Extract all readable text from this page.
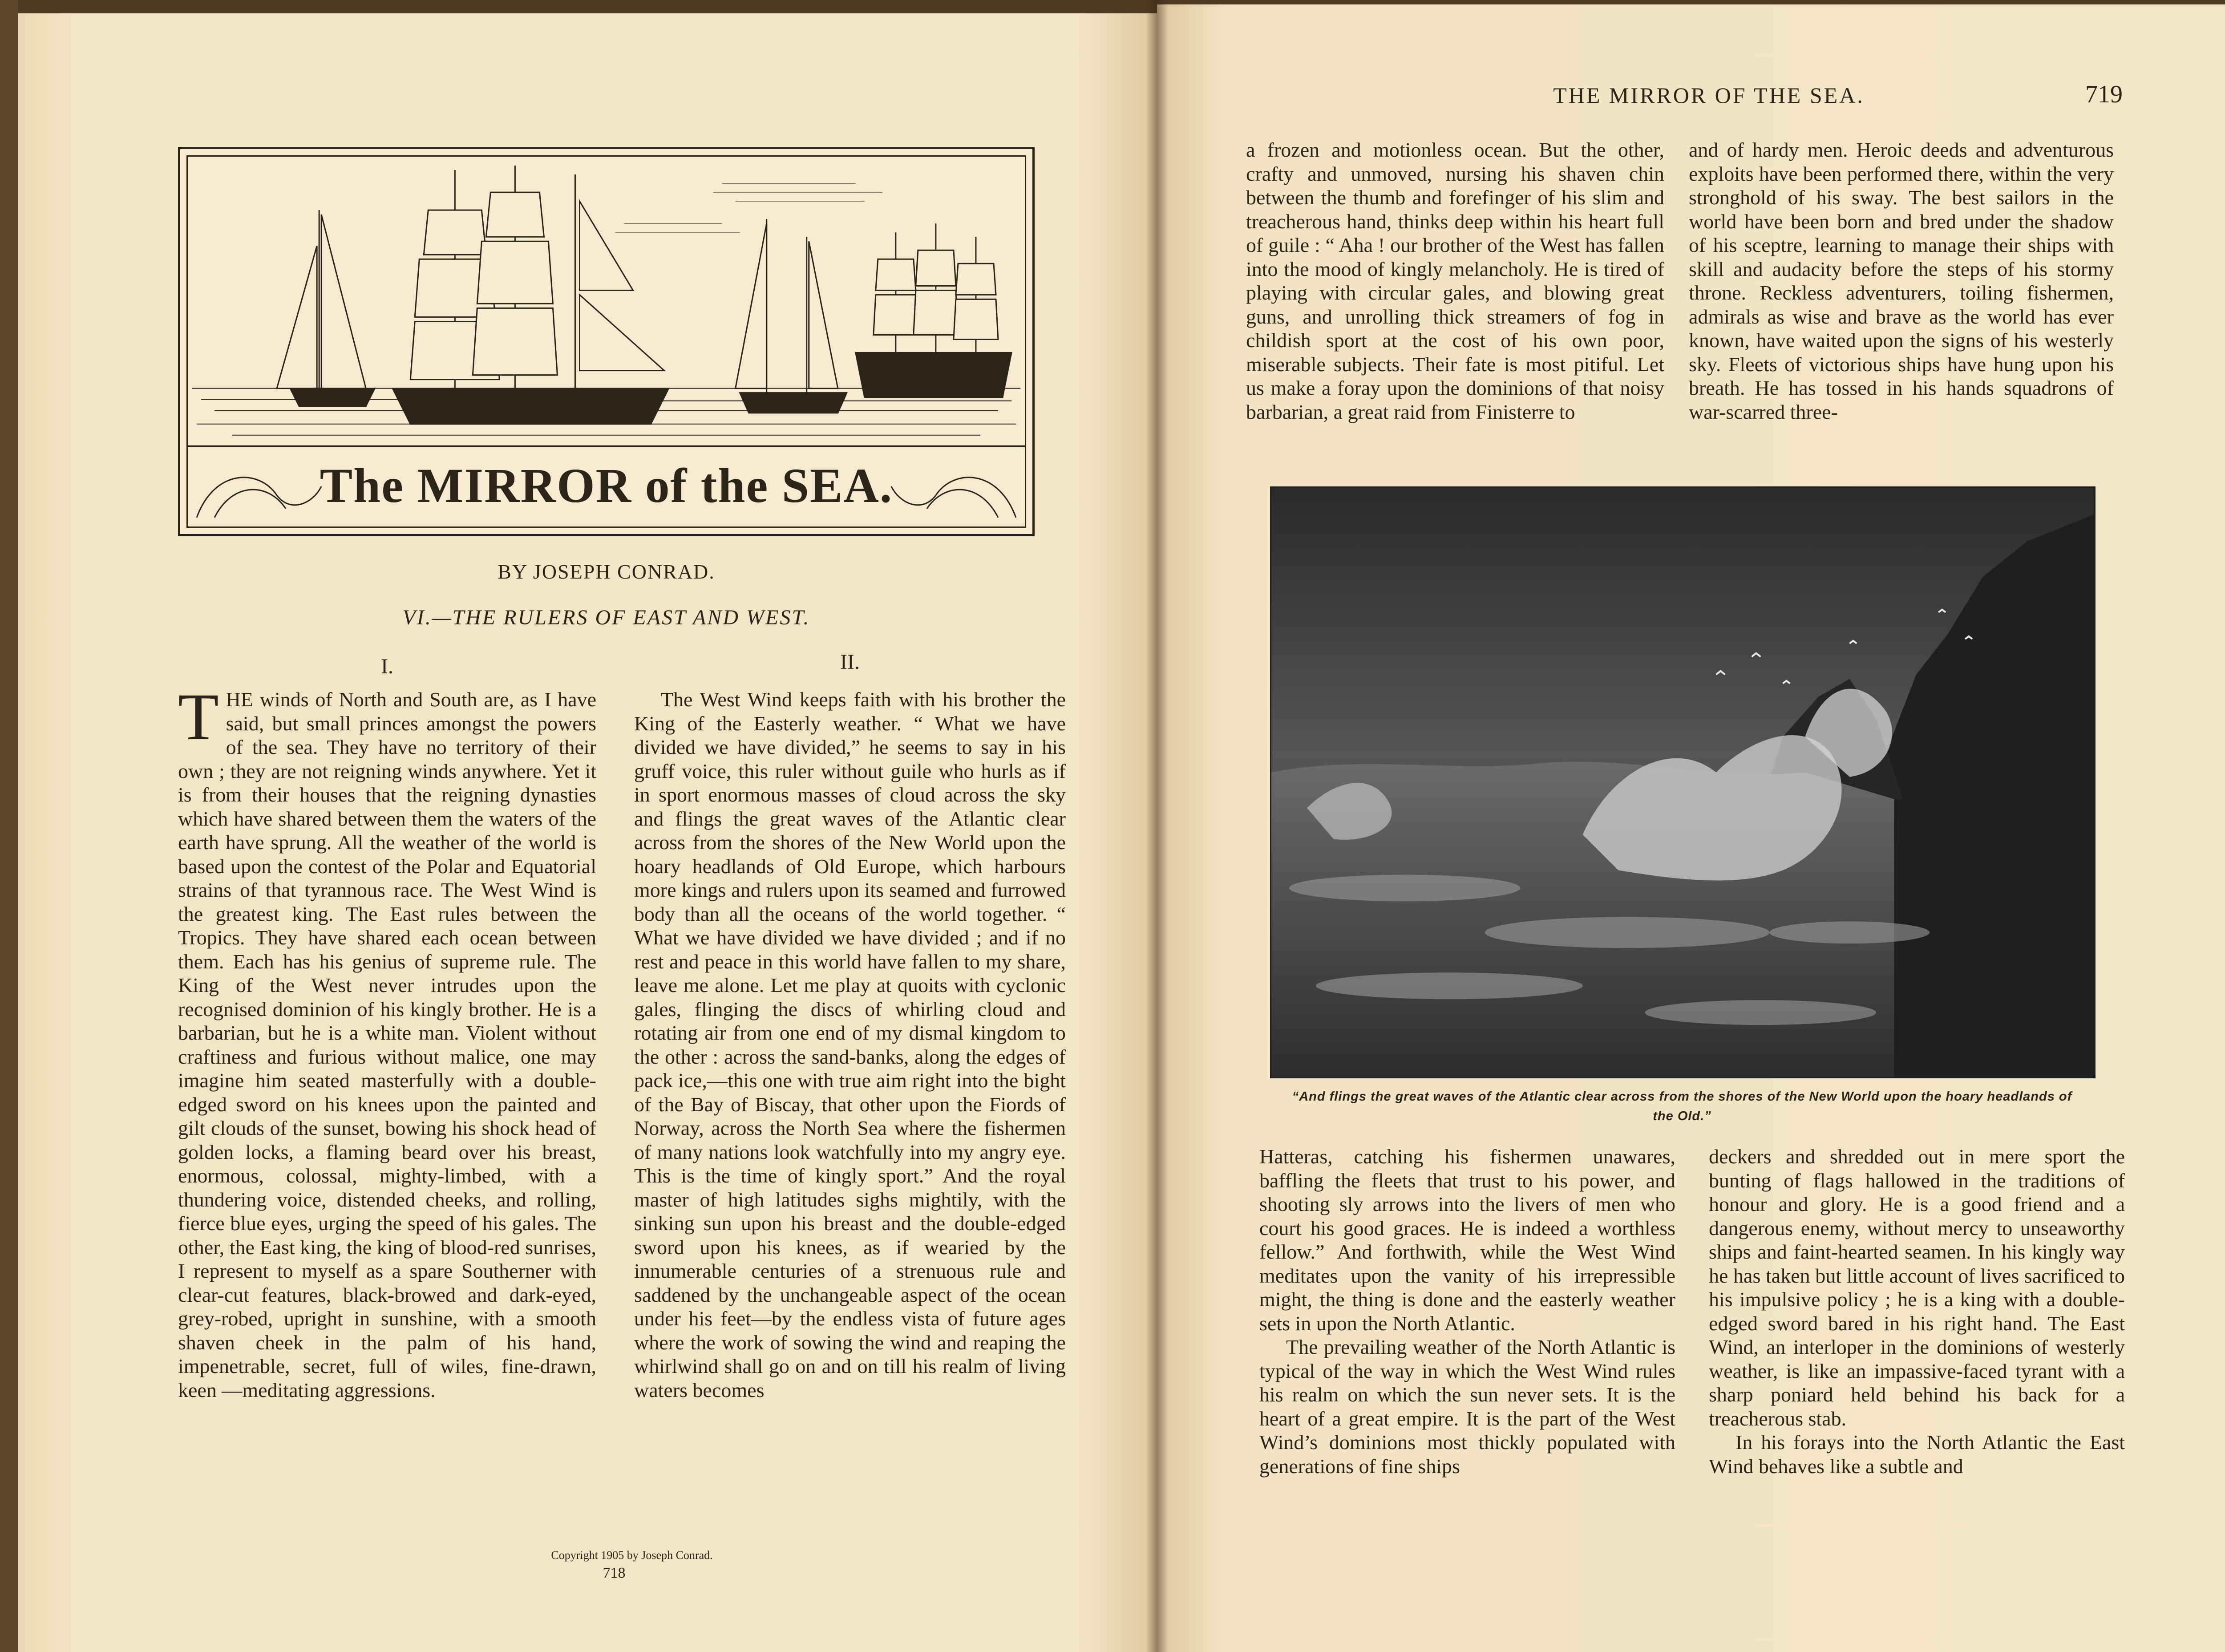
The MIRROR of the SEA.
BY JOSEPH CONRAD.
VI.—THE RULERS OF EAST AND WEST.
I.	II.

THE winds of North and South are, as I have said, but small princes amongst the powers of the sea. They have no territory of their own ; they are not reigning winds anywhere. Yet it is from their houses that the reigning dynasties which have shared between them the waters of the earth have sprung. All the weather of the world is based upon the contest of the Polar and Equatorial strains of that tyrannous race. The West Wind is the greatest king. The East rules between the Tropics. They have shared each ocean between them. Each has his genius of supreme rule. The King of the West never intrudes upon the recognised dominion of his kingly brother. He is a barbarian, but he is a white man. Violent without craftiness and furious without malice, one may imagine him seated masterfully with a double-edged sword on his knees upon the painted and gilt clouds of the sunset, bowing his shock head of golden locks, a flaming beard over his breast, enormous, colossal, mighty-limbed, with a thundering voice, distended cheeks, and rolling, fierce blue eyes, urging the speed of his gales. The other, the East king, the king of blood-red sunrises, I represent to myself as a spare Southerner with clear-cut features, black-browed and dark-eyed, grey-robed, upright in sunshine, with a smooth shaven cheek in the palm of his hand, impenetrable, secret, full of wiles, fine-drawn, keen —meditating aggressions.

The West Wind keeps faith with his brother the King of the Easterly weather. “ What we have divided we have divided,” he seems to say in his gruff voice, this ruler without guile who hurls as if in sport enormous masses of cloud across the sky and flings the great waves of the Atlantic clear across from the shores of the New World upon the hoary headlands of Old Europe, which harbours more kings and rulers upon its seamed and furrowed body than all the oceans of the world together. “ What we have divided we have divided ; and if no rest and peace in this world have fallen to my share, leave me alone. Let me play at quoits with cyclonic gales, flinging the discs of whirling cloud and rotating air from one end of my dismal kingdom to the other : across the sand-banks, along the edges of pack ice,—this one with true aim right into the bight of the Bay of Biscay, that other upon the Fiords of Norway, across the North Sea where the fishermen of many nations look watchfully into my angry eye. This is the time of kingly sport.” And the royal master of high latitudes sighs mightily, with the sinking sun upon his breast and the double-edged sword upon his knees, as if wearied by the innumerable centuries of a strenuous rule and saddened by the unchangeable aspect of the ocean under his feet—by the endless vista of future ages where the work of sowing the wind and reaping the whirlwind shall go on and on till his realm of living waters becomes

Copyright 1905 by Joseph Conrad.
718
THE MIRROR OF THE SEA.	719

a frozen and motionless ocean. But the other, crafty and unmoved, nursing his shaven chin between the thumb and forefinger of his slim and treacherous hand, thinks deep within his heart full of guile : “ Aha ! our brother of the West has fallen into the mood of kingly melancholy. He is tired of playing with circular gales, and blowing great guns, and unrolling thick streamers of fog in childish sport at the cost of his own poor, miserable subjects. Their fate is most pitiful. Let us make a foray upon the dominions of that noisy barbarian, a great raid from Finisterre to

and of hardy men. Heroic deeds and adventurous exploits have been performed there, within the very stronghold of his sway. The best sailors in the world have been born and bred under the shadow of his sceptre, learning to manage their ships with skill and audacity before the steps of his stormy throne. Reckless adventurers, toiling fishermen, admirals as wise and brave as the world has ever known, have waited upon the signs of his westerly sky. Fleets of victorious ships have hung upon his breath. He has tossed in his hands squadrons of war-scarred three-

“And flings the great waves of the Atlantic clear across from the shores of the New World upon the hoary headlands of the Old.”

Hatteras, catching his fishermen unawares, baffling the fleets that trust to his power, and shooting sly arrows into the livers of men who court his good graces. He is indeed a worthless fellow.” And forthwith, while the West Wind meditates upon the vanity of his irrepressible might, the thing is done and the easterly weather sets in upon the North Atlantic.

The prevailing weather of the North Atlantic is typical of the way in which the West Wind rules his realm on which the sun never sets. It is the heart of a great empire. It is the part of the West Wind’s dominions most thickly populated with generations of fine ships

deckers and shredded out in mere sport the bunting of flags hallowed in the traditions of honour and glory. He is a good friend and a dangerous enemy, without mercy to unseaworthy ships and faint-hearted seamen. In his kingly way he has taken but little account of lives sacrificed to his impulsive policy ; he is a king with a double-edged sword bared in his right hand. The East Wind, an interloper in the dominions of westerly weather, is like an impassive-faced tyrant with a sharp poniard held behind his back for a treacherous stab.

In his forays into the North Atlantic the East Wind behaves like a subtle and
